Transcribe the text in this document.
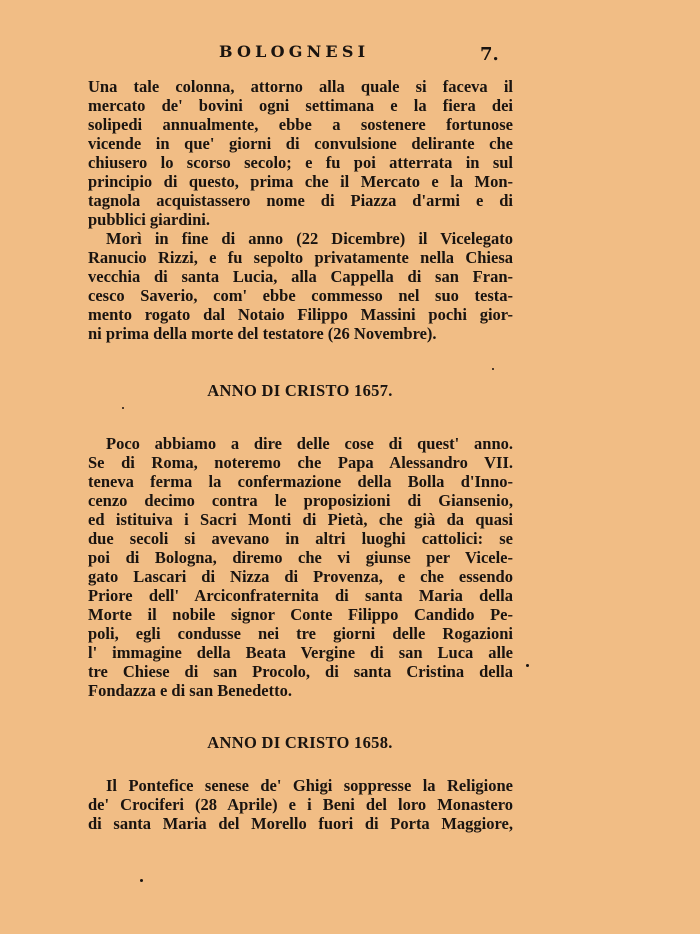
BOLOGNESI	7.
Una tale colonna, attorno alla quale si faceva il
mercato de' bovini ogni settimana e la fiera dei
solipedi annualmente, ebbe a sostenere fortunose
vicende in que' giorni di convulsione delirante che
chiusero lo scorso secolo; e fu poi atterrata in sul
principio di questo, prima che il Mercato e la Mon-
tagnola acquistassero nome di Piazza d'armi e di
pubblici giardini.
Morì in fine di anno (22 Dicembre) il Vicelegato
Ranucio Rizzi, e fu sepolto privatamente nella Chiesa
vecchia di santa Lucia, alla Cappella di san Fran-
cesco Saverio, com' ebbe commesso nel suo testa-
mento rogato dal Notaio Filippo Massini pochi gior-
ni prima della morte del testatore (26 Novembre).
ANNO DI CRISTO 1657.
Poco abbiamo a dire delle cose di quest' anno.
Se di Roma, noteremo che Papa Alessandro VII.
teneva ferma la confermazione della Bolla d'Inno-
cenzo decimo contra le proposizioni di Giansenio,
ed istituiva i Sacri Monti di Pietà, che già da quasi
due secoli si avevano in altri luoghi cattolici: se
poi di Bologna, diremo che vi giunse per Vicele-
gato Lascari di Nizza di Provenza, e che essendo
Priore dell' Arciconfraternita di santa Maria della
Morte il nobile signor Conte Filippo Candido Pe-
poli, egli condusse nei tre giorni delle Rogazioni
l' immagine della Beata Vergine di san Luca alle
tre Chiese di san Procolo, di santa Cristina della
Fondazza e di san Benedetto.
ANNO DI CRISTO 1658.
Il Pontefice senese de' Ghigi soppresse la Religione
de' Crociferi (28 Aprile) e i Beni del loro Monastero
di santa Maria del Morello fuori di Porta Maggiore,
